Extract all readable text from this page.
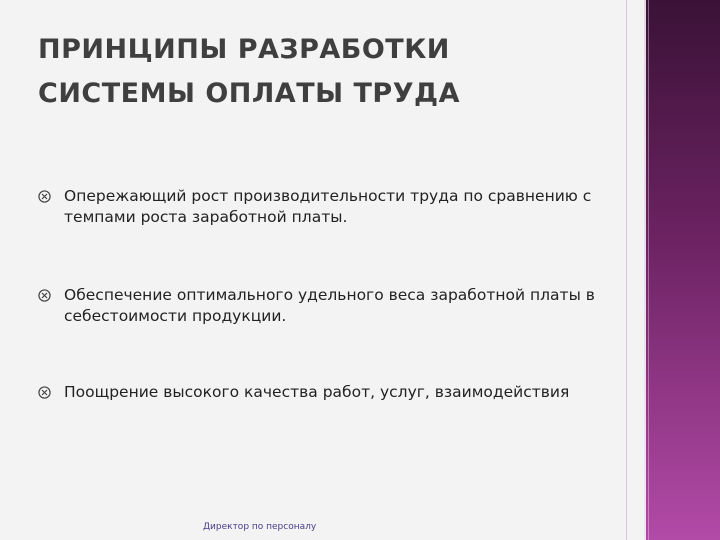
ПРИНЦИПЫ РАЗРАБОТКИ СИСТЕМЫ ОПЛАТЫ ТРУДА
Опережающий рост производительности труда по сравнению с темпами роста заработной платы.
Обеспечение оптимального удельного веса заработной платы в себестоимости продукции.
Поощрение высокого качества работ, услуг, взаимодействия
Директор по персоналу
